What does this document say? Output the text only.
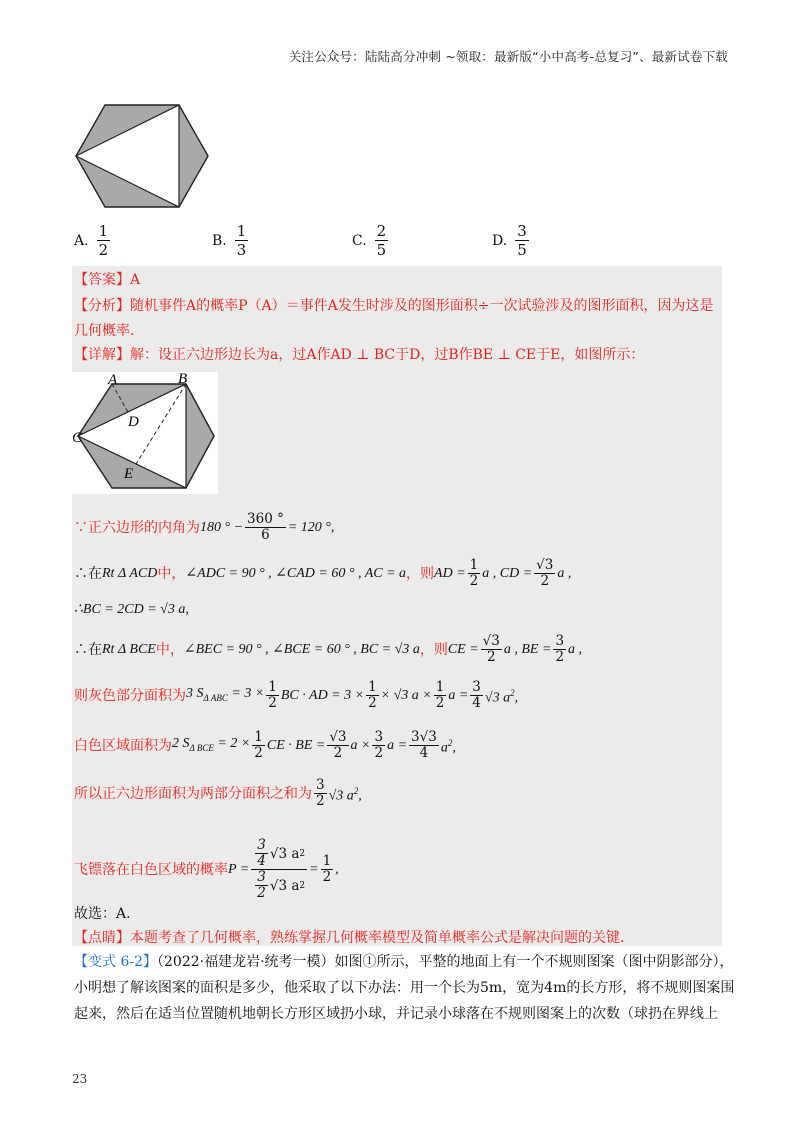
关注公众号：陆陆高分冲刺 ~领取：最新版“小中高考-总复习”、最新试卷下载
A. $\frac{1}{2}$	B. $\frac{1}{3}$	C. $\frac{2}{5}$	D. $\frac{3}{5}$
【答案】A
【分析】随机事件A的概率P（A）＝事件A发生时涉及的图形面积÷一次试验涉及的图形面积，因为这是
几何概率.
【详解】解：设正六边形边长为a，过A作AD ⊥ BC于D，过B作BE ⊥ CE于E，如图所示：
A	B
C
D
E
∵正六边形的内角为 180 ° − $\frac{360 ^\circ}{6} = 120$ °,
∴在 Rt Δ ACD 中， ∠ADC = 90 ° , ∠CAD = 60 ° , AC = a ，则 AD = $\frac{1}{2}$ a , CD = $\frac{√3}{2}$ a ,
∴BC = 2CD = √3 a,
∴在 Rt Δ BCE 中， ∠BEC = 90 ° , ∠BCE = 60 ° , BC = √3 a ，则 CE = $\frac{√3}{2}$ a , BE = $\frac{3}{2}$ a ,
则灰色部分面积为 3 $S_{\Delta ABC} = 3 \times \frac{1}{2}$ BC · AD = $3 \times \frac{1}{2} \times √3$ $a \times \frac{1}{2}$ $a = \frac{3}{4} √3$ $a^2$,
白色区域面积为 2 $S_{\Delta BCE} = 2 \times \frac{1}{2}$ CE · BE = $\frac{√3}{2}$ $a \times \frac{3}{2}$ $a = \frac{3√3}{4} a^2$,
所以正六边形面积为两部分面积之和为 $\frac{3}{2} √3$ $a^2$,
飞镖落在白色区域的概率 $P = \frac{\frac{3}{4} √3 a 2}{\frac{3}{2} √3 a 2} = \frac{1}{2}$ ,
故选：A.
【点睛】本题考查了几何概率，熟练掌握几何概率模型及简单概率公式是解决问题的关键.
【变式 6-2】（2022·福建龙岩·统考一模）如图①所示，平整的地面上有一个不规则图案（图中阴影部分），
小明想了解该图案的面积是多少，他采取了以下办法：用一个长为5m，宽为4m的长方形，将不规则图案围
起来，然后在适当位置随机地朝长方形区域扔小球，并记录小球落在不规则图案上的次数（球扔在界线上
23
